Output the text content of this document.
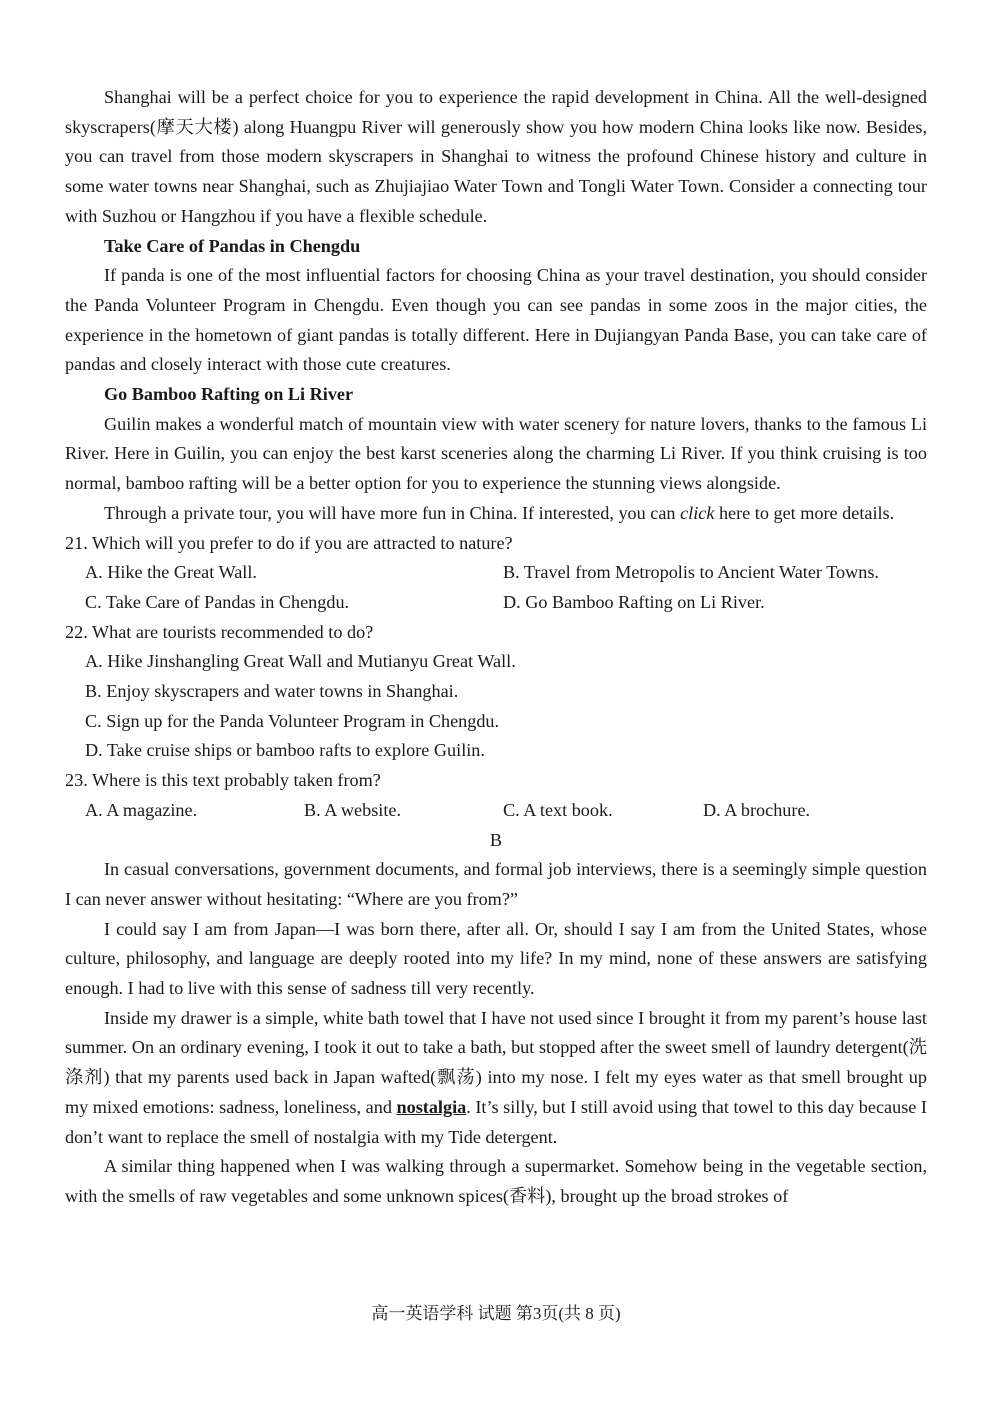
Shanghai will be a perfect choice for you to experience the rapid development in China. All the well-designed skyscrapers(摩天大楼) along Huangpu River will generously show you how modern China looks like now. Besides, you can travel from those modern skyscrapers in Shanghai to witness the profound Chinese history and culture in some water towns near Shanghai, such as Zhujiajiao Water Town and Tongli Water Town. Consider a connecting tour with Suzhou or Hangzhou if you have a flexible schedule.

Take Care of Pandas in Chengdu

If panda is one of the most influential factors for choosing China as your travel destination, you should consider the Panda Volunteer Program in Chengdu. Even though you can see pandas in some zoos in the major cities, the experience in the hometown of giant pandas is totally different. Here in Dujiangyan Panda Base, you can take care of pandas and closely interact with those cute creatures.

Go Bamboo Rafting on Li River

Guilin makes a wonderful match of mountain view with water scenery for nature lovers, thanks to the famous Li River. Here in Guilin, you can enjoy the best karst sceneries along the charming Li River. If you think cruising is too normal, bamboo rafting will be a better option for you to experience the stunning views alongside.

Through a private tour, you will have more fun in China. If interested, you can click here to get more details.

21. Which will you prefer to do if you are attracted to nature?
A. Hike the Great Wall.	B. Travel from Metropolis to Ancient Water Towns.
C. Take Care of Pandas in Chengdu.	D. Go Bamboo Rafting on Li River.
22. What are tourists recommended to do?
A. Hike Jinshangling Great Wall and Mutianyu Great Wall.
B. Enjoy skyscrapers and water towns in Shanghai.
C. Sign up for the Panda Volunteer Program in Chengdu.
D. Take cruise ships or bamboo rafts to explore Guilin.
23. Where is this text probably taken from?
A. A magazine.	B. A website.	C. A text book.	D. A brochure.
B

In casual conversations, government documents, and formal job interviews, there is a seemingly simple question I can never answer without hesitating: “Where are you from?”

I could say I am from Japan—I was born there, after all. Or, should I say I am from the United States, whose culture, philosophy, and language are deeply rooted into my life? In my mind, none of these answers are satisfying enough. I had to live with this sense of sadness till very recently.

Inside my drawer is a simple, white bath towel that I have not used since I brought it from my parent’s house last summer. On an ordinary evening, I took it out to take a bath, but stopped after the sweet smell of laundry detergent(洗涤剂) that my parents used back in Japan wafted(飘荡) into my nose. I felt my eyes water as that smell brought up my mixed emotions: sadness, loneliness, and nostalgia. It’s silly, but I still avoid using that towel to this day because I don’t want to replace the smell of nostalgia with my Tide detergent.

A similar thing happened when I was walking through a supermarket. Somehow being in the vegetable section, with the smells of raw vegetables and some unknown spices(香料), brought up the broad strokes of

高一英语学科 试题 第3页(共 8 页)
